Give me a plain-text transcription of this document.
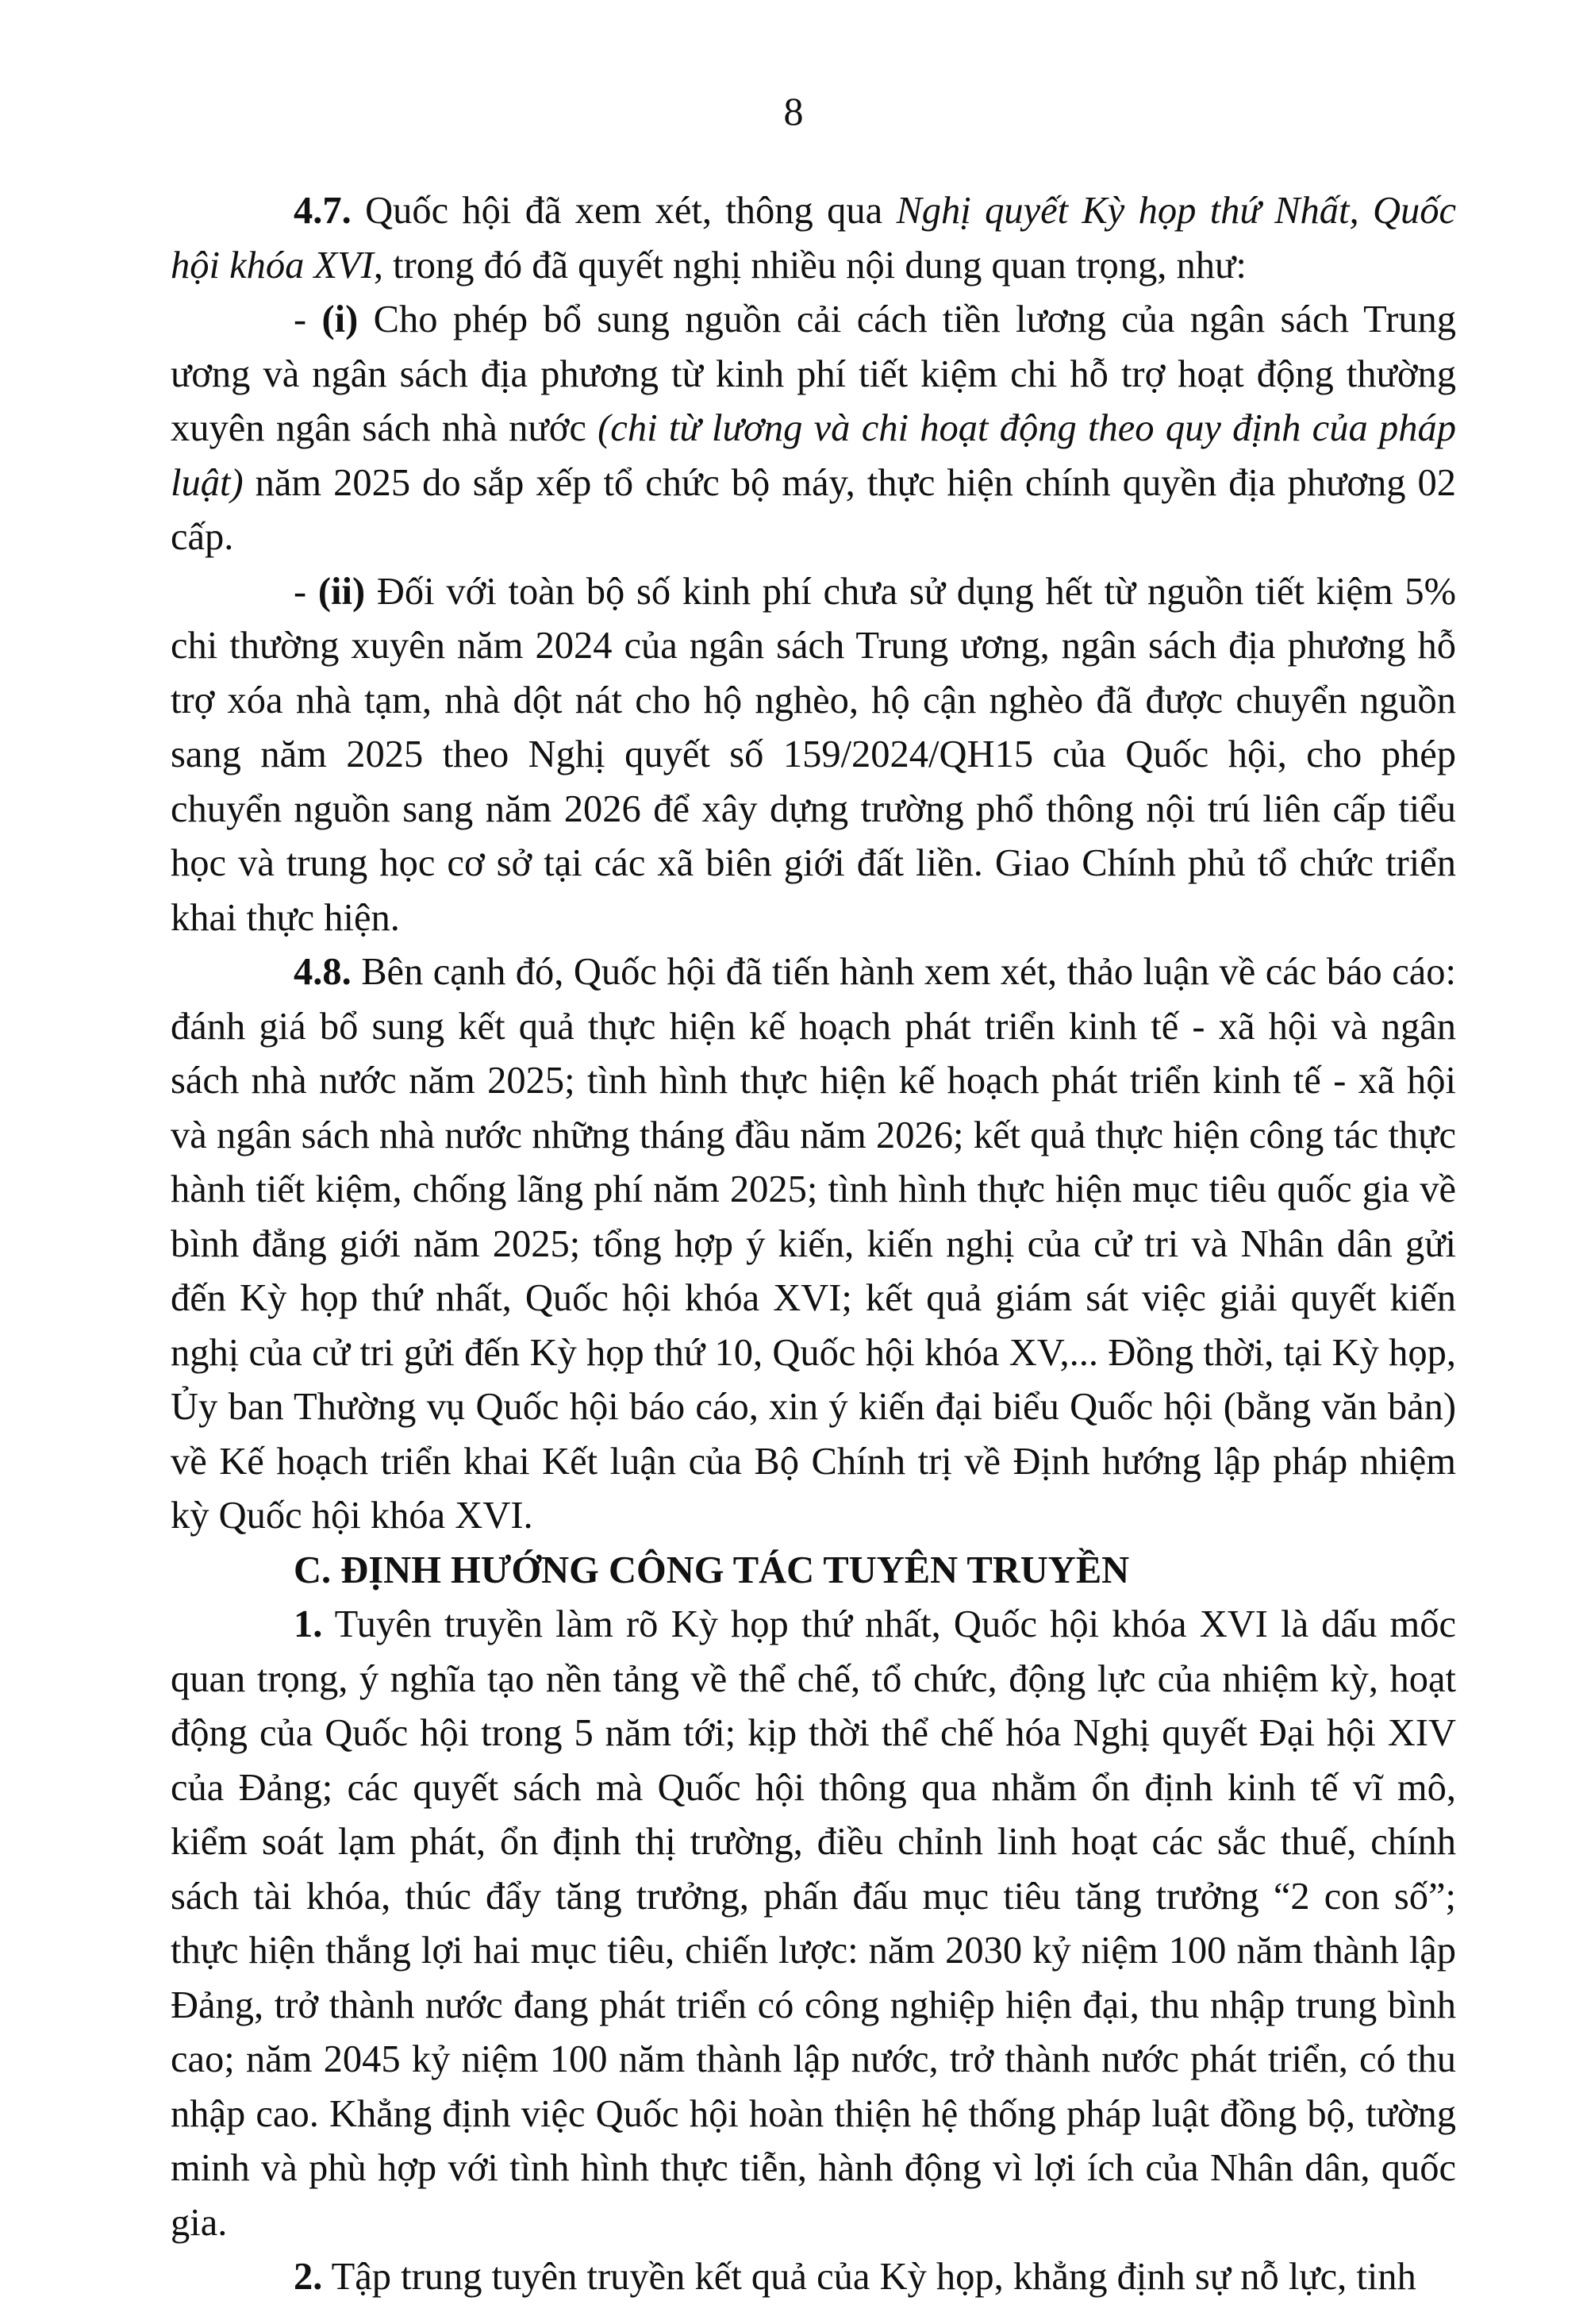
8

4.7. Quốc hội đã xem xét, thông qua Nghị quyết Kỳ họp thứ Nhất, Quốc hội khóa XVI, trong đó đã quyết nghị nhiều nội dung quan trọng, như:

- (i) Cho phép bổ sung nguồn cải cách tiền lương của ngân sách Trung ương và ngân sách địa phương từ kinh phí tiết kiệm chi hỗ trợ hoạt động thường xuyên ngân sách nhà nước (chi từ lương và chi hoạt động theo quy định của pháp luật) năm 2025 do sắp xếp tổ chức bộ máy, thực hiện chính quyền địa phương 02 cấp.

- (ii) Đối với toàn bộ số kinh phí chưa sử dụng hết từ nguồn tiết kiệm 5% chi thường xuyên năm 2024 của ngân sách Trung ương, ngân sách địa phương hỗ trợ xóa nhà tạm, nhà dột nát cho hộ nghèo, hộ cận nghèo đã được chuyển nguồn sang năm 2025 theo Nghị quyết số 159/2024/QH15 của Quốc hội, cho phép chuyển nguồn sang năm 2026 để xây dựng trường phổ thông nội trú liên cấp tiểu học và trung học cơ sở tại các xã biên giới đất liền. Giao Chính phủ tổ chức triển khai thực hiện.

4.8. Bên cạnh đó, Quốc hội đã tiến hành xem xét, thảo luận về các báo cáo: đánh giá bổ sung kết quả thực hiện kế hoạch phát triển kinh tế - xã hội và ngân sách nhà nước năm 2025; tình hình thực hiện kế hoạch phát triển kinh tế - xã hội và ngân sách nhà nước những tháng đầu năm 2026; kết quả thực hiện công tác thực hành tiết kiệm, chống lãng phí năm 2025; tình hình thực hiện mục tiêu quốc gia về bình đẳng giới năm 2025; tổng hợp ý kiến, kiến nghị của cử tri và Nhân dân gửi đến Kỳ họp thứ nhất, Quốc hội khóa XVI; kết quả giám sát việc giải quyết kiến nghị của cử tri gửi đến Kỳ họp thứ 10, Quốc hội khóa XV,... Đồng thời, tại Kỳ họp, Ủy ban Thường vụ Quốc hội báo cáo, xin ý kiến đại biểu Quốc hội (bằng văn bản) về Kế hoạch triển khai Kết luận của Bộ Chính trị về Định hướng lập pháp nhiệm kỳ Quốc hội khóa XVI.

C. ĐỊNH HƯỚNG CÔNG TÁC TUYÊN TRUYỀN

1. Tuyên truyền làm rõ Kỳ họp thứ nhất, Quốc hội khóa XVI là dấu mốc quan trọng, ý nghĩa tạo nền tảng về thể chế, tổ chức, động lực của nhiệm kỳ, hoạt động của Quốc hội trong 5 năm tới; kịp thời thể chế hóa Nghị quyết Đại hội XIV của Đảng; các quyết sách mà Quốc hội thông qua nhằm ổn định kinh tế vĩ mô, kiểm soát lạm phát, ổn định thị trường, điều chỉnh linh hoạt các sắc thuế, chính sách tài khóa, thúc đẩy tăng trưởng, phấn đấu mục tiêu tăng trưởng “2 con số”; thực hiện thắng lợi hai mục tiêu, chiến lược: năm 2030 kỷ niệm 100 năm thành lập Đảng, trở thành nước đang phát triển có công nghiệp hiện đại, thu nhập trung bình cao; năm 2045 kỷ niệm 100 năm thành lập nước, trở thành nước phát triển, có thu nhập cao. Khẳng định việc Quốc hội hoàn thiện hệ thống pháp luật đồng bộ, tường minh và phù hợp với tình hình thực tiễn, hành động vì lợi ích của Nhân dân, quốc gia.

2. Tập trung tuyên truyền kết quả của Kỳ họp, khẳng định sự nỗ lực, tinh
